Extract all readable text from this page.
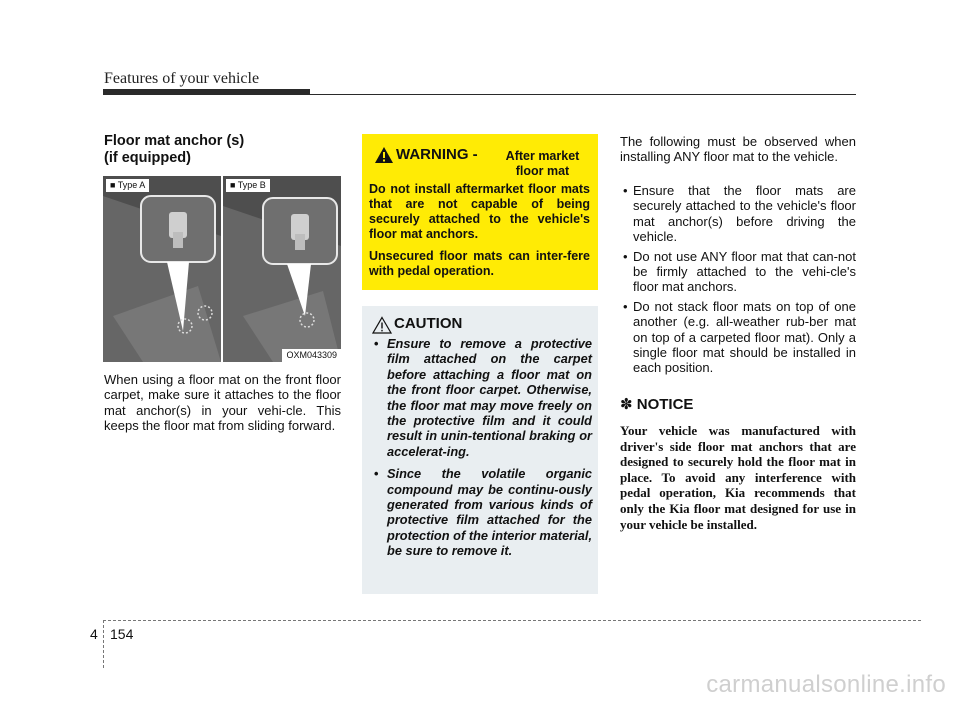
Features of your vehicle
Floor mat anchor (s)
(if equipped)
■ Type A	■ Type B
OXM043309
When using a floor mat on the front floor carpet, make sure it attaches to the floor mat anchor(s) in your vehi-cle. This keeps the floor mat from sliding forward.
WARNING -	After market floor mat

Do not install aftermarket floor mats that are not capable of being securely attached to the vehicle's floor mat anchors.

Unsecured floor mats can inter-fere with pedal operation.

CAUTION
• Ensure to remove a protective film attached on the carpet before attaching a floor mat on the front floor carpet. Otherwise, the floor mat may move freely on the protective film and it could result in unin-tentional braking or accelerat-ing.
• Since the volatile organic compound may be continu-ously generated from various kinds of protective film attached for the protection of the interior material, be sure to remove it.
The following must be observed when installing ANY floor mat to the vehicle.
• Ensure that the floor mats are securely attached to the vehicle's floor mat anchor(s) before driving the vehicle.
• Do not use ANY floor mat that can-not be firmly attached to the vehi-cle's floor mat anchors.
• Do not stack floor mats on top of one another (e.g. all-weather rub-ber mat on top of a carpeted floor mat). Only a single floor mat should be installed in each position.
✽ NOTICE
Your vehicle was manufactured with driver's side floor mat anchors that are designed to securely hold the floor mat in place. To avoid any interference with pedal operation, Kia recommends that only the Kia floor mat designed for use in your vehicle be installed.
4 154
carmanualsonline.info
